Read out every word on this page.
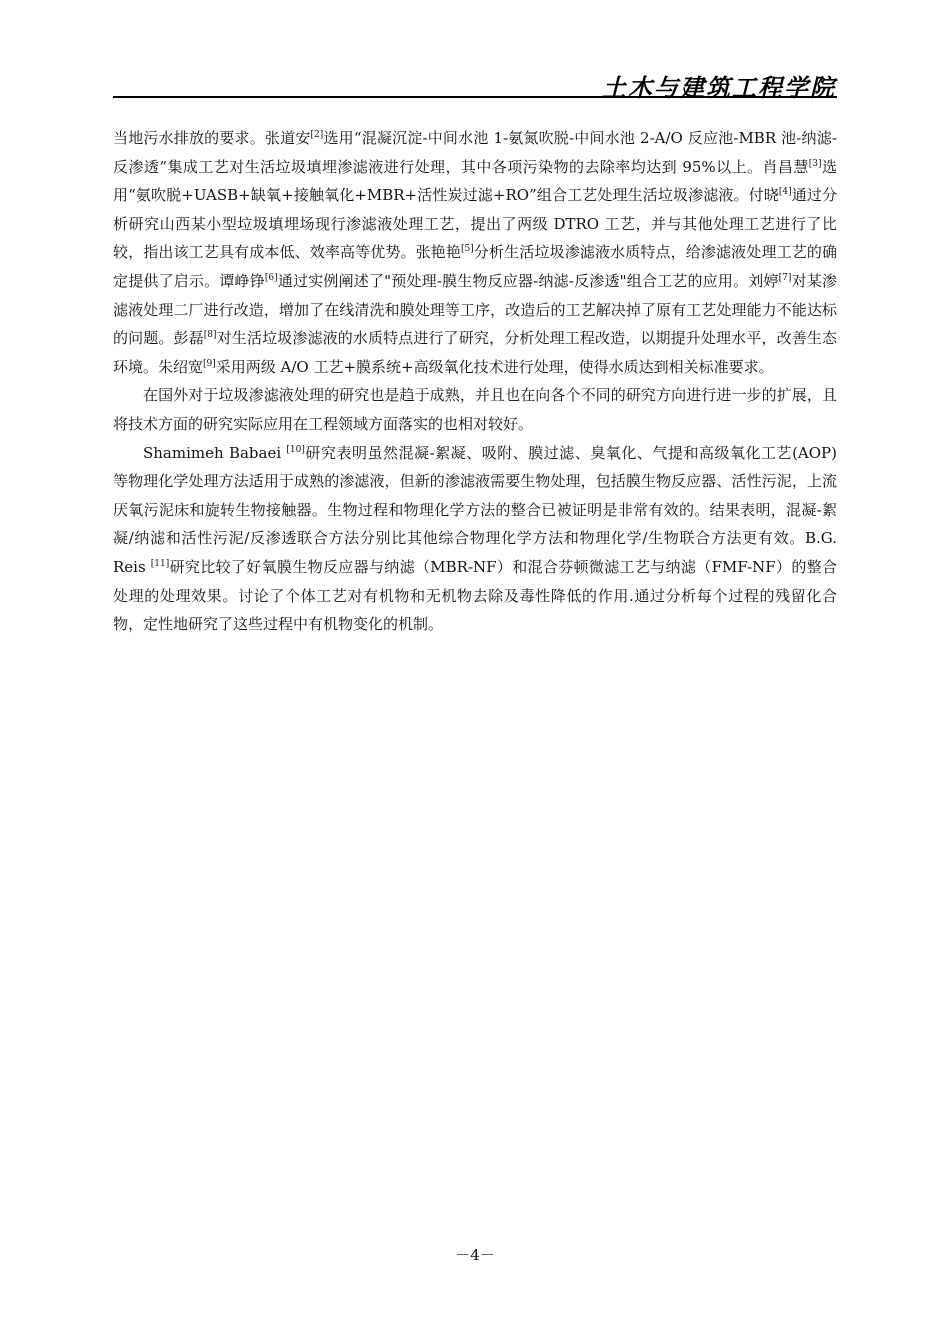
土木与建筑工程学院

当地污水排放的要求。张道安[2]选用“混凝沉淀-中间水池 1-氨氮吹脱-中间水池 2-A/O 反应池-MBR 池-纳滤-反渗透”集成工艺对生活垃圾填埋渗滤液进行处理，其中各项污染物的去除率均达到 95%以上。肖昌慧[3]选用“氨吹脱+UASB+缺氧+接触氧化+MBR+活性炭过滤+RO”组合工艺处理生活垃圾渗滤液。付晓[4]通过分析研究山西某小型垃圾填埋场现行渗滤液处理工艺，提出了两级 DTRO 工艺，并与其他处理工艺进行了比较，指出该工艺具有成本低、效率高等优势。张艳艳[5]分析生活垃圾渗滤液水质特点，给渗滤液处理工艺的确定提供了启示。谭峥铮[6]通过实例阐述了"预处理-膜生物反应器-纳滤-反渗透"组合工艺的应用。刘婷[7]对某渗滤液处理二厂进行改造，增加了在线清洗和膜处理等工序，改造后的工艺解决掉了原有工艺处理能力不能达标的问题。彭磊[8]对生活垃圾渗滤液的水质特点进行了研究，分析处理工程改造，以期提升处理水平，改善生态环境。朱绍宽[9]采用两级 A/O 工艺+膜系统+高级氧化技术进行处理，使得水质达到相关标准要求。

在国外对于垃圾渗滤液处理的研究也是趋于成熟，并且也在向各个不同的研究方向进行进一步的扩展，且将技术方面的研究实际应用在工程领域方面落实的也相对较好。

Shamimeh Babaei [10]研究表明虽然混凝-絮凝、吸附、膜过滤、臭氧化、气提和高级氧化工艺(AOP) 等物理化学处理方法适用于成熟的渗滤液，但新的渗滤液需要生物处理，包括膜生物反应器、活性污泥，上流厌氧污泥床和旋转生物接触器。生物过程和物理化学方法的整合已被证明是非常有效的。结果表明，混凝-絮凝/纳滤和活性污泥/反渗透联合方法分别比其他综合物理化学方法和物理化学/生物联合方法更有效。B.G. Reis [11]研究比较了好氧膜生物反应器与纳滤（MBR-NF）和混合芬顿微滤工艺与纳滤（FMF-NF）的整合处理的处理效果。讨论了个体工艺对有机物和无机物去除及毒性降低的作用.通过分析每个过程的残留化合物，定性地研究了这些过程中有机物变化的机制。

－4－
